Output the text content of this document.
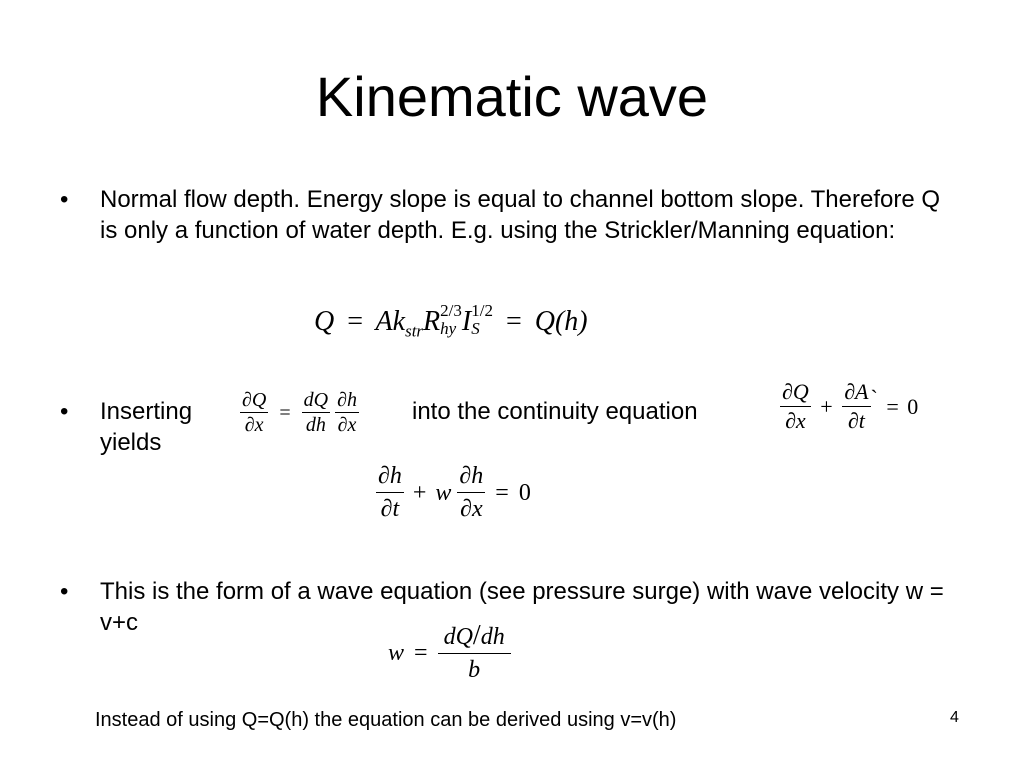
Kinematic wave
• Normal flow depth. Energy slope is equal to channel bottom slope. Therefore Q is only a function of water depth. E.g. using the Strickler/Manning equation:
$Q = Ak_{str}R$ 2/3
hy I 1/2
S = Q(h)
• Inserting
yields
into the continuity equation
$\frac{\partial Q}{\partial x} = \frac{dQ}{dh}$
$\frac{\partial h}{\partial x}$	$\frac{\partial Q}{\partial x} + \frac{\partial A}{\partial t}$ ` = 0
$\frac{\partial h}{\partial t} + w \frac{\partial h}{\partial x} = 0$
• This is the form of a wave equation (see pressure surge) with wave velocity w = v+c
$w = \frac{dQ/dh}{b}$
Instead of using Q=Q(h) the equation can be derived using v=v(h)	4
